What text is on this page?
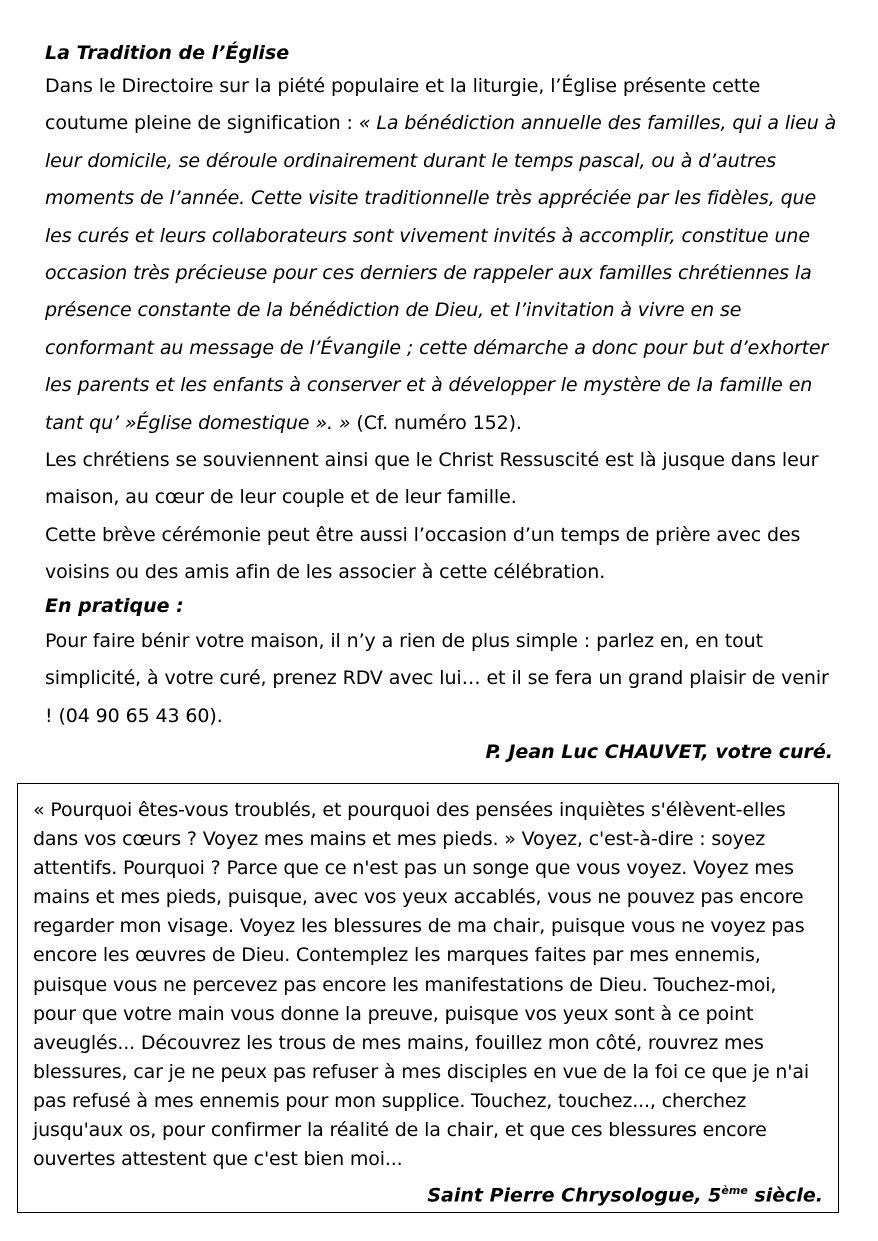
La Tradition de l’Église

Dans le Directoire sur la piété populaire et la liturgie, l’Église présente cette coutume pleine de signification : « La bénédiction annuelle des familles, qui a lieu à leur domicile, se déroule ordinairement durant le temps pascal, ou à d’autres moments de l’année. Cette visite traditionnelle très appréciée par les fidèles, que les curés et leurs collaborateurs sont vivement invités à accomplir, constitue une occasion très précieuse pour ces derniers de rappeler aux familles chrétiennes la présence constante de la bénédiction de Dieu, et l’invitation à vivre en se conformant au message de l’Évangile ; cette démarche a donc pour but d’exhorter les parents et les enfants à conserver et à développer le mystère de la famille en tant qu’ »Église domestique ». » (Cf. numéro 152).

Les chrétiens se souviennent ainsi que le Christ Ressuscité est là jusque dans leur maison, au cœur de leur couple et de leur famille.

Cette brève cérémonie peut être aussi l’occasion d’un temps de prière avec des voisins ou des amis afin de les associer à cette célébration.

En pratique :

Pour faire bénir votre maison, il n’y a rien de plus simple : parlez en, en tout simplicité, à votre curé, prenez RDV avec lui… et il se fera un grand plaisir de venir ! (04 90 65 43 60).

P. Jean Luc CHAUVET, votre curé.

« Pourquoi êtes-vous troublés, et pourquoi des pensées inquiètes s'élèvent-elles dans vos cœurs ? Voyez mes mains et mes pieds. » Voyez, c'est-à-dire : soyez attentifs. Pourquoi ? Parce que ce n'est pas un songe que vous voyez. Voyez mes mains et mes pieds, puisque, avec vos yeux accablés, vous ne pouvez pas encore regarder mon visage. Voyez les blessures de ma chair, puisque vous ne voyez pas encore les œuvres de Dieu. Contemplez les marques faites par mes ennemis, puisque vous ne percevez pas encore les manifestations de Dieu. Touchez-moi, pour que votre main vous donne la preuve, puisque vos yeux sont à ce point aveuglés... Découvrez les trous de mes mains, fouillez mon côté, rouvrez mes blessures, car je ne peux pas refuser à mes disciples en vue de la foi ce que je n'ai pas refusé à mes ennemis pour mon supplice. Touchez, touchez..., cherchez jusqu'aux os, pour confirmer la réalité de la chair, et que ces blessures encore ouvertes attestent que c'est bien moi...

Saint Pierre Chrysologue, 5ème siècle.
